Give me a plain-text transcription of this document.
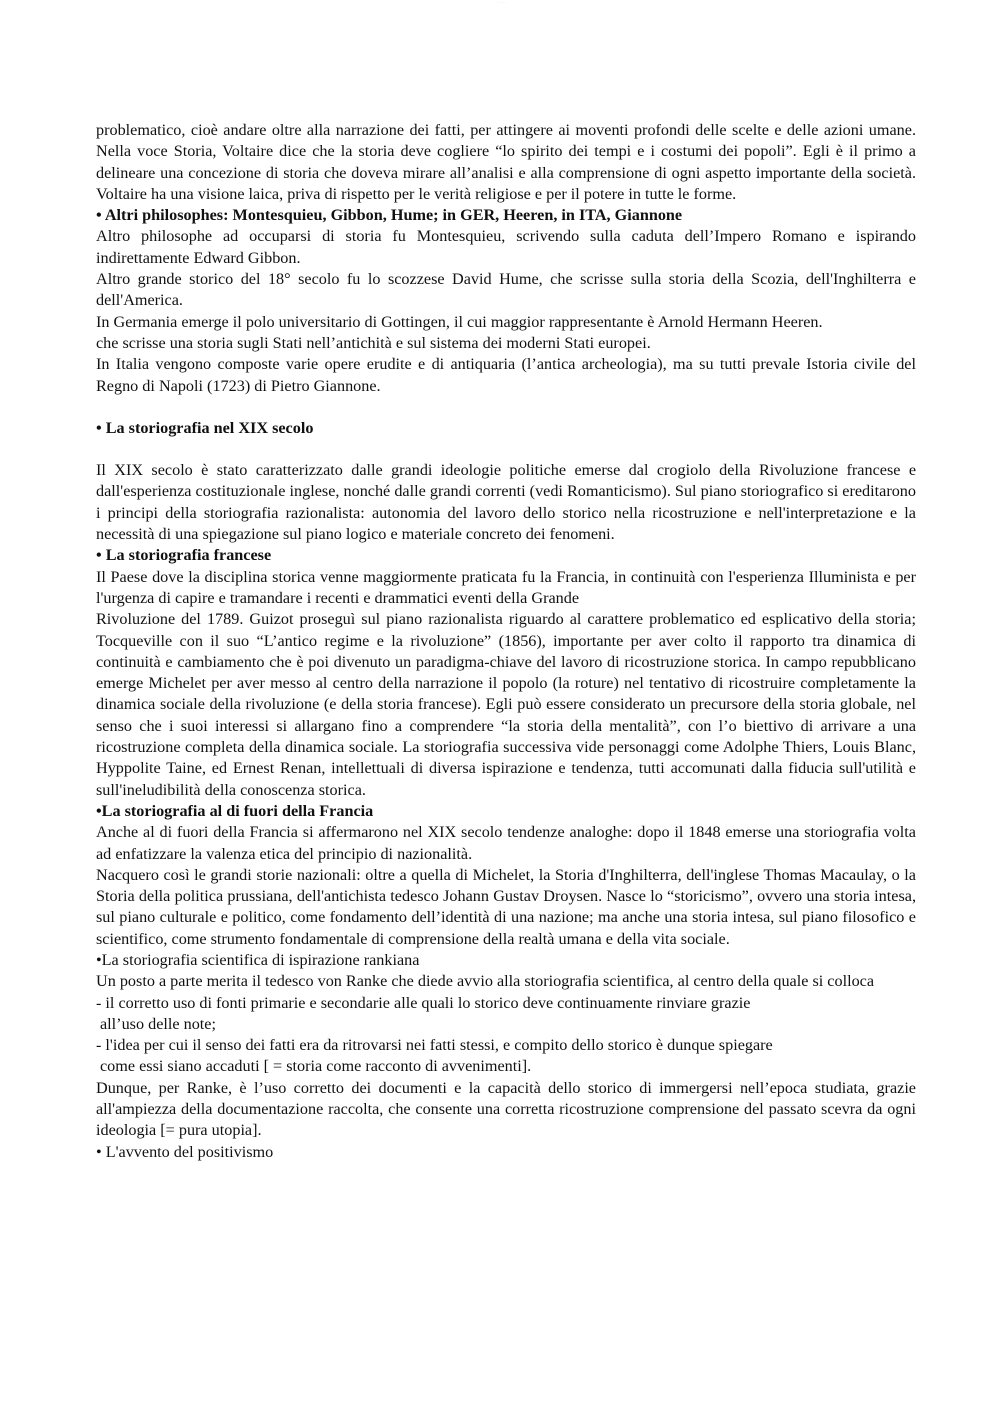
··· ·····

problematico, cioè andare oltre alla narrazione dei fatti, per attingere ai moventi profondi delle scelte e delle azioni umane. Nella voce Storia, Voltaire dice che la storia deve cogliere “lo spirito dei tempi e i costumi dei popoli”. Egli è il primo a delineare una concezione di storia che doveva mirare all’analisi e alla comprensione di ogni aspetto importante della società. Voltaire ha una visione laica, priva di rispetto per le verità religiose e per il potere in tutte le forme.

• Altri philosophes: Montesquieu, Gibbon, Hume; in GER, Heeren, in ITA, Giannone

Altro philosophe ad occuparsi di storia fu Montesquieu, scrivendo sulla caduta dell’Impero Romano e ispirando indirettamente Edward Gibbon.

Altro grande storico del 18° secolo fu lo scozzese David Hume, che scrisse sulla storia della Scozia, dell'Inghilterra e dell'America.

In Germania emerge il polo universitario di Gottingen, il cui maggior rappresentante è Arnold Hermann Heeren.

che scrisse una storia sugli Stati nell’antichità e sul sistema dei moderni Stati europei.

In Italia vengono composte varie opere erudite e di antiquaria (l’antica archeologia), ma su tutti prevale Istoria civile del Regno di Napoli (1723) di Pietro Giannone.

• La storiografia nel XIX secolo

Il XIX secolo è stato caratterizzato dalle grandi ideologie politiche emerse dal crogiolo della Rivoluzione francese e dall'esperienza costituzionale inglese, nonché dalle grandi correnti (vedi Romanticismo). Sul piano storiografico si ereditarono i principi della storiografia razionalista: autonomia del lavoro dello storico nella ricostruzione e nell'interpretazione e la necessità di una spiegazione sul piano logico e materiale concreto dei fenomeni.

• La storiografia francese

Il Paese dove la disciplina storica venne maggiormente praticata fu la Francia, in continuità con l'esperienza Illuminista e per l'urgenza di capire e tramandare i recenti e drammatici eventi della Grande

Rivoluzione del 1789. Guizot proseguì sul piano razionalista riguardo al carattere problematico ed esplicativo della storia; Tocqueville con il suo “L’antico regime e la rivoluzione” (1856), importante per aver colto il rapporto tra dinamica di continuità e cambiamento che è poi divenuto un paradigma-chiave del lavoro di ricostruzione storica. In campo repubblicano emerge Michelet per aver messo al centro della narrazione il popolo (la roture) nel tentativo di ricostruire completamente la dinamica sociale della rivoluzione (e della storia francese). Egli può essere considerato un precursore della storia globale, nel senso che i suoi interessi si allargano fino a comprendere “la storia della mentalità”, con l’o biettivo di arrivare a una ricostruzione completa della dinamica sociale. La storiografia successiva vide personaggi come Adolphe Thiers, Louis Blanc, Hyppolite Taine, ed Ernest Renan, intellettuali di diversa ispirazione e tendenza, tutti accomunati dalla fiducia sull'utilità e sull'ineludibilità della conoscenza storica.

•La storiografia al di fuori della Francia

Anche al di fuori della Francia si affermarono nel XIX secolo tendenze analoghe: dopo il 1848 emerse una storiografia volta ad enfatizzare la valenza etica del principio di nazionalità.

Nacquero così le grandi storie nazionali: oltre a quella di Michelet, la Storia d'Inghilterra, dell'inglese Thomas Macaulay, o la Storia della politica prussiana, dell'antichista tedesco Johann Gustav Droysen. Nasce lo “storicismo”, ovvero una storia intesa, sul piano culturale e politico, come fondamento dell’identità di una nazione; ma anche una storia intesa, sul piano filosofico e scientifico, come strumento fondamentale di comprensione della realtà umana e della vita sociale.

•La storiografia scientifica di ispirazione rankiana

Un posto a parte merita il tedesco von Ranke che diede avvio alla storiografia scientifica, al centro della quale si colloca

- il corretto uso di fonti primarie e secondarie alle quali lo storico deve continuamente rinviare grazie

all’uso delle note;

- l'idea per cui il senso dei fatti era da ritrovarsi nei fatti stessi, e compito dello storico è dunque spiegare

come essi siano accaduti [ = storia come racconto di avvenimenti].

Dunque, per Ranke, è l’uso corretto dei documenti e la capacità dello storico di immergersi nell’epoca studiata, grazie all'ampiezza della documentazione raccolta, che consente una corretta ricostruzione comprensione del passato scevra da ogni ideologia [= pura utopia].

• L'avvento del positivismo
